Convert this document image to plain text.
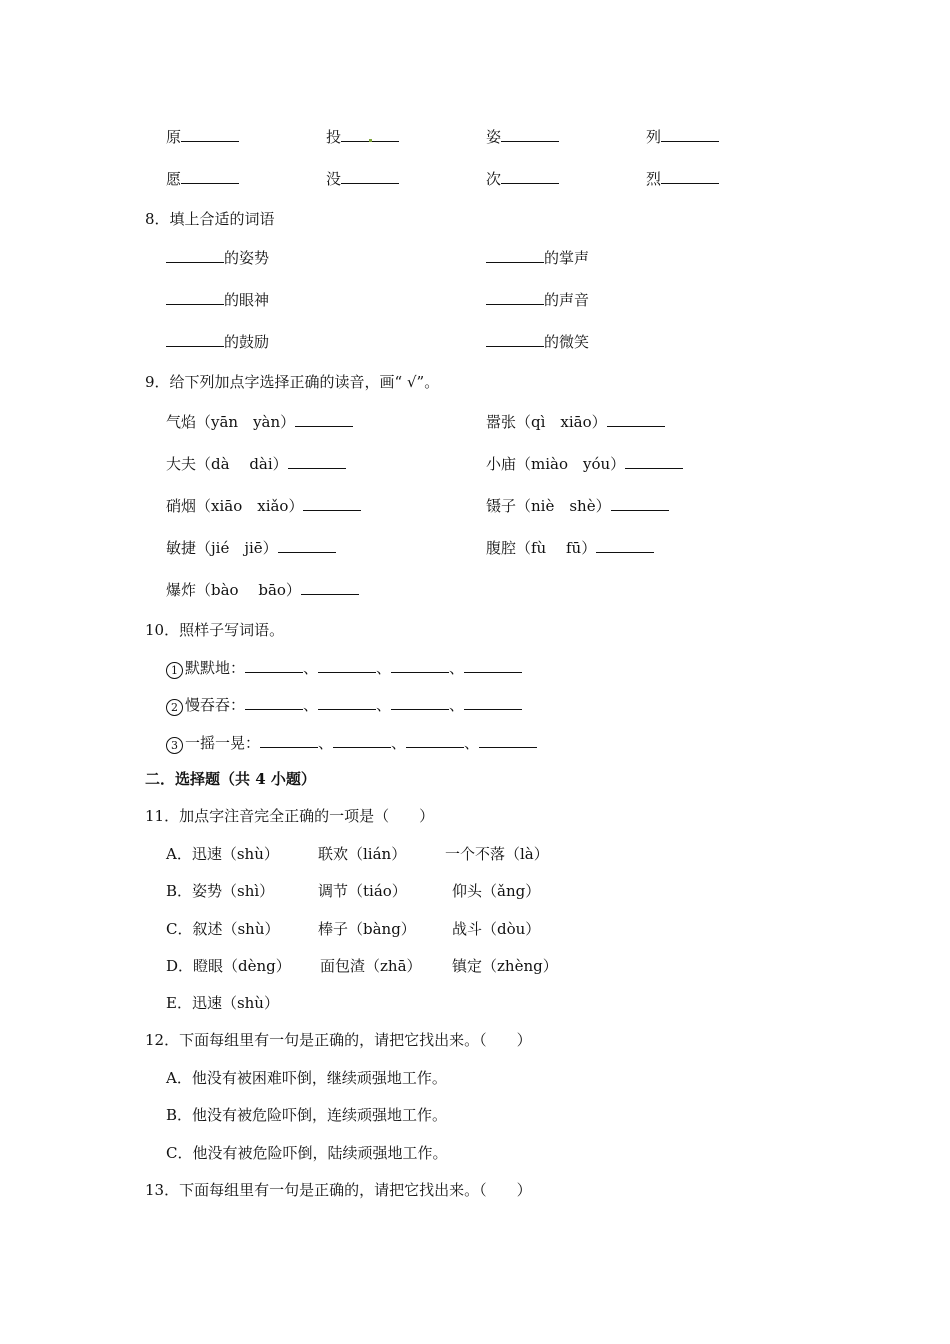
原	投	姿	列
愿	没	次	烈
8．填上合适的词语
的姿势	的掌声
的眼神	的声音
的鼓励	的微笑
9．给下列加点字选择正确的读音，画“ √”。
气焰（yān　yàn）	嚣张（qì　xiāo）
大夫（dà　 dài）	小庙（miào　yóu）
硝烟（xiāo　xiǎo）	镊子（niè　shè）
敏捷（jié　jiē）	腹腔（fù　 fū）
爆炸（bào　 bāo）
10．照样子写词语。
1 默默地：	、	、	、
2 慢吞吞：	、	、	、
3 一摇一晃：	、	、	、
二．选择题（共 4 小题）
11．加点字注音完全正确的一项是（　　）
A．迅速（shù）	联欢（lián）	一个不落（là）
B．姿势（shì）	调节（tiáo）	仰头（ǎng）
C．叙述（shù）	棒子（bàng） 战斗（dòu）
D．瞪眼（dèng） 面包渣（zhā） 镇定（zhèng）
E．迅速（shù）
12．下面每组里有一句是正确的，请把它找出来。（　　）
A．他没有被困难吓倒，继续顽强地工作。
B．他没有被危险吓倒，连续顽强地工作。
C．他没有被危险吓倒，陆续顽强地工作。
13．下面每组里有一句是正确的，请把它找出来。（　　）
